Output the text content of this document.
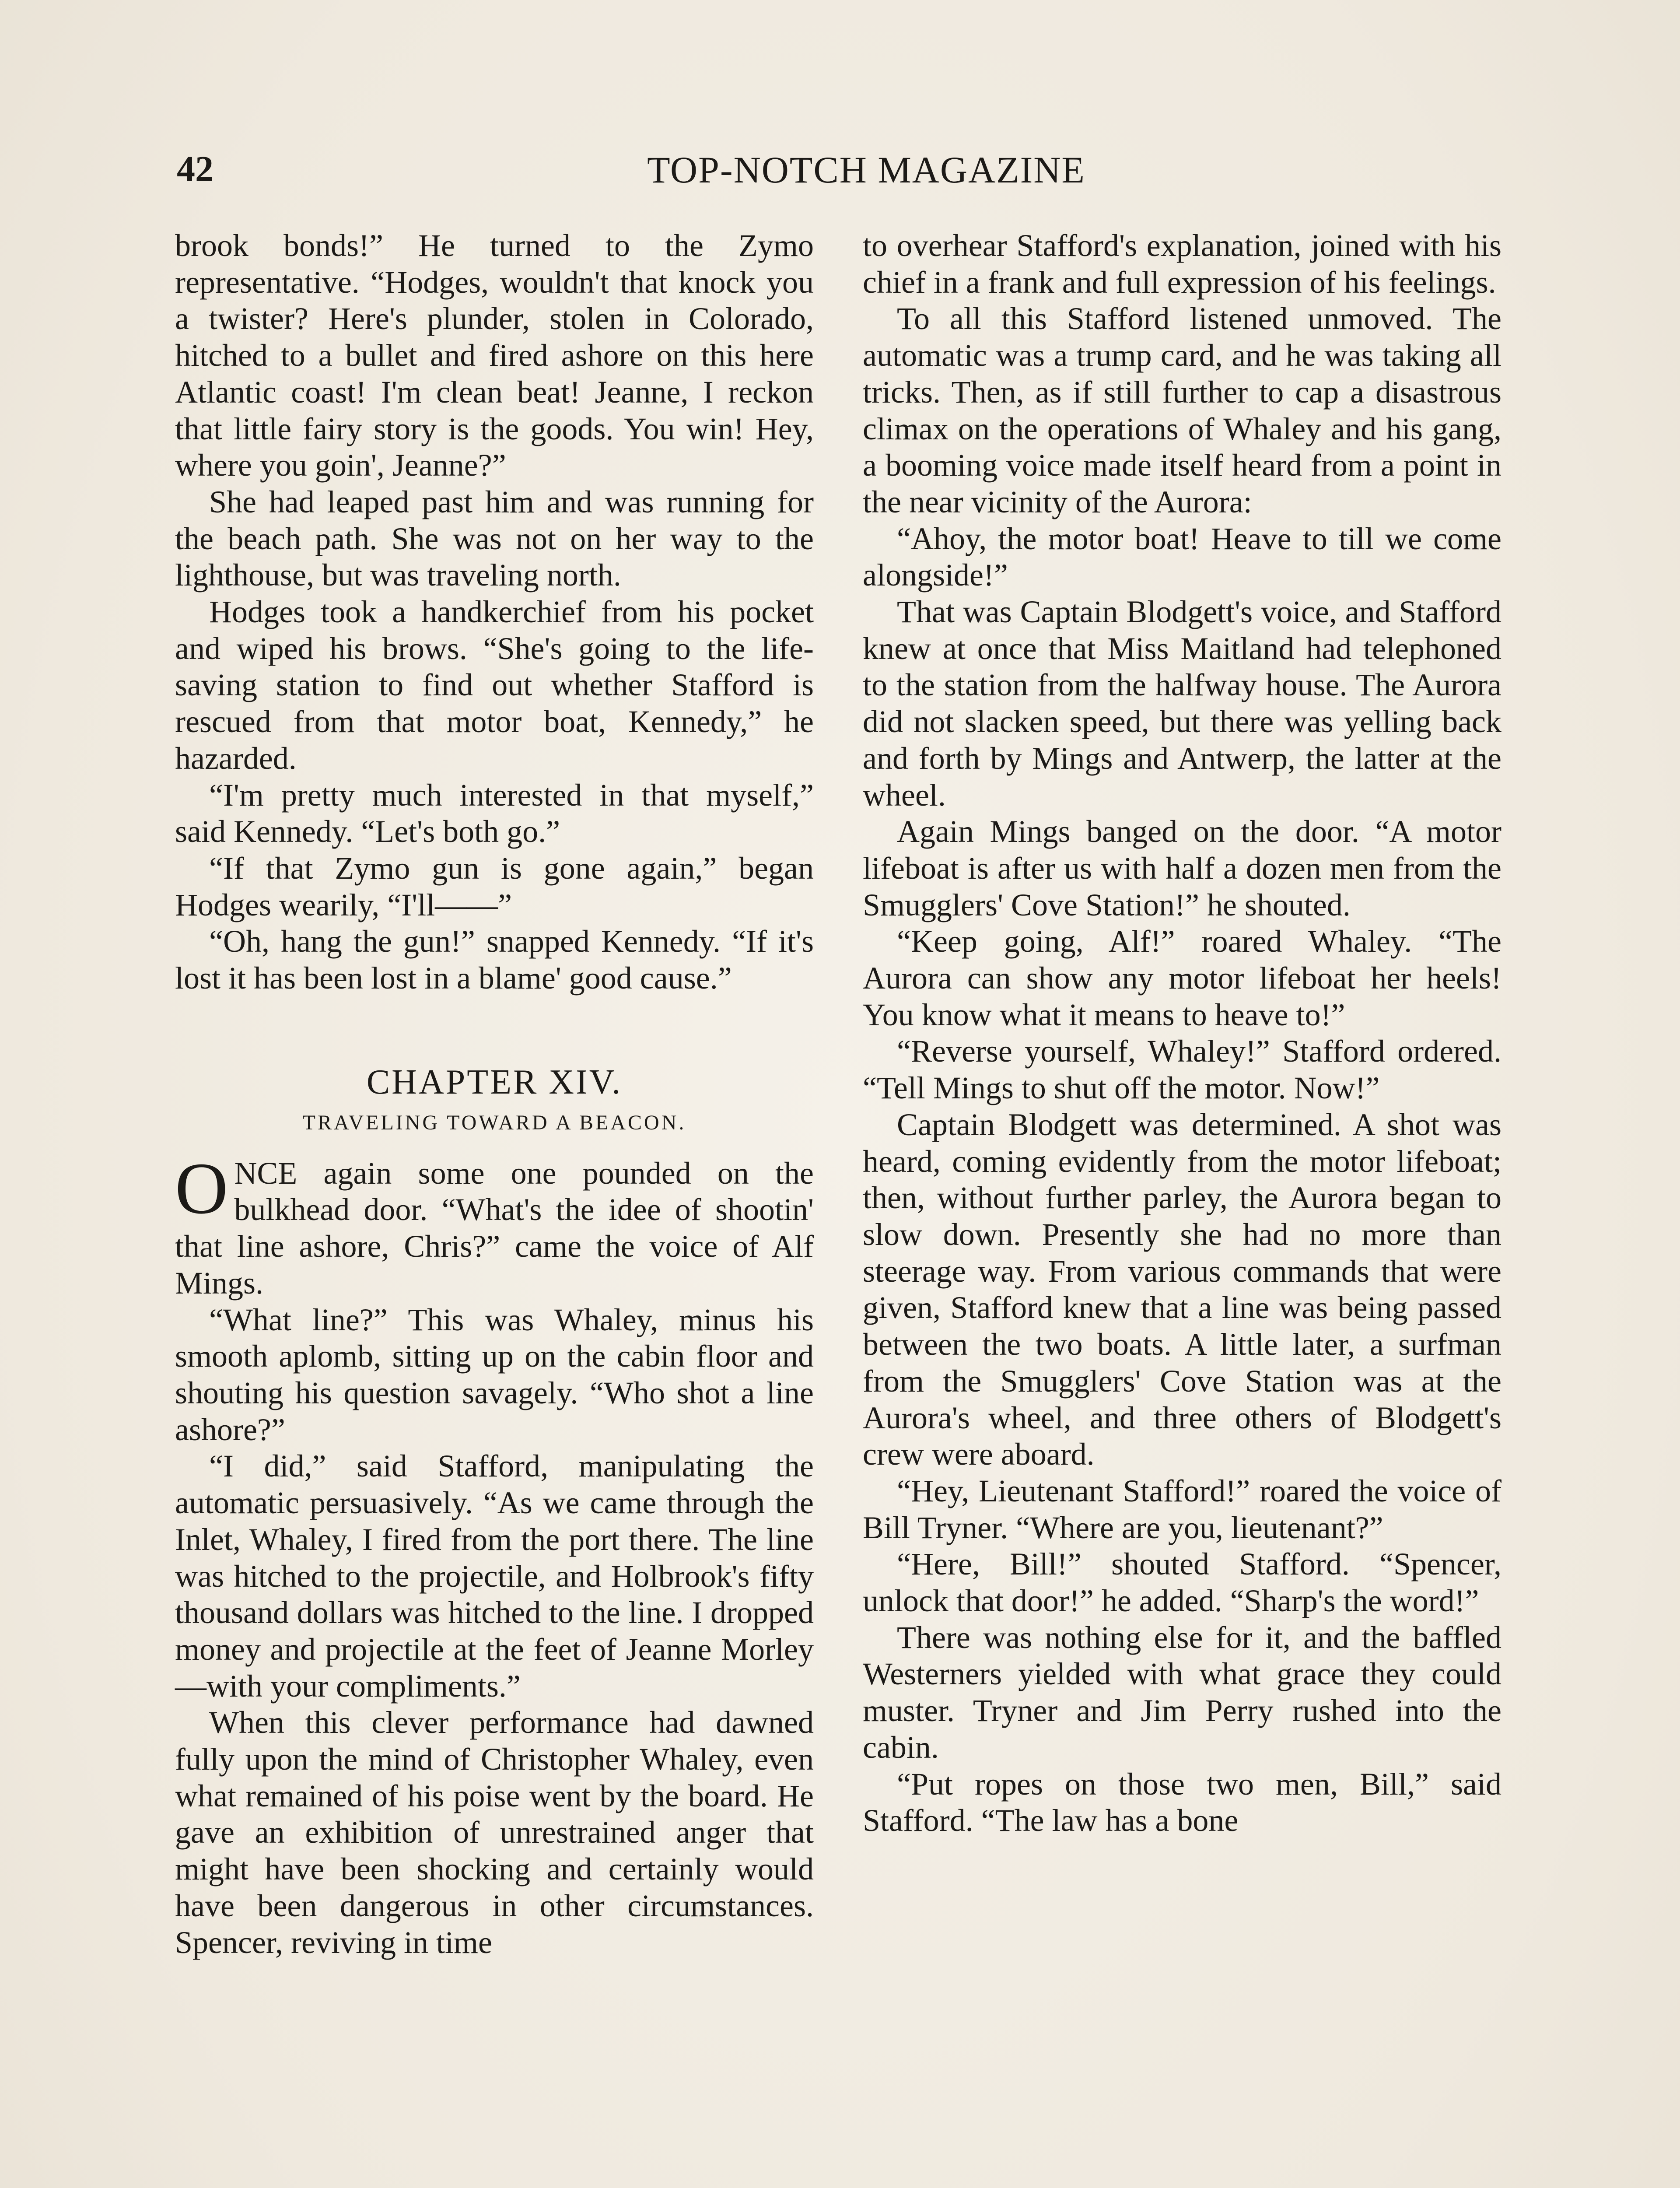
42	TOP-NOTCH MAGAZINE

brook bonds!” He turned to the Zymo representative. “Hodges, wouldn't that knock you a twister? Here's plunder, stolen in Colorado, hitched to a bullet and fired ashore on this here Atlantic coast! I'm clean beat! Jeanne, I reckon that little fairy story is the goods. You win! Hey, where you goin', Jeanne?”

She had leaped past him and was running for the beach path. She was not on her way to the lighthouse, but was traveling north.

Hodges took a handkerchief from his pocket and wiped his brows. “She's going to the life-saving station to find out whether Stafford is rescued from that motor boat, Kennedy,” he hazarded.

“I'm pretty much interested in that myself,” said Kennedy. “Let's both go.”

“If that Zymo gun is gone again,” began Hodges wearily, “I'll——”

“Oh, hang the gun!” snapped Kennedy. “If it's lost it has been lost in a blame' good cause.”

CHAPTER XIV.
TRAVELING TOWARD A BEACON.

ONCE again some one pounded on the bulkhead door. “What's the idee of shootin' that line ashore, Chris?” came the voice of Alf Mings.

“What line?” This was Whaley, minus his smooth aplomb, sitting up on the cabin floor and shouting his question savagely. “Who shot a line ashore?”

“I did,” said Stafford, manipulating the automatic persuasively. “As we came through the Inlet, Whaley, I fired from the port there. The line was hitched to the projectile, and Holbrook's fifty thousand dollars was hitched to the line. I dropped money and projectile at the feet of Jeanne Morley—with your compliments.”

When this clever performance had dawned fully upon the mind of Christopher Whaley, even what remained of his poise went by the board. He gave an exhibition of unrestrained anger that might have been shocking and certainly would have been dangerous in other circumstances. Spencer, reviving in time

to overhear Stafford's explanation, joined with his chief in a frank and full expression of his feelings.

To all this Stafford listened unmoved. The automatic was a trump card, and he was taking all tricks. Then, as if still further to cap a disastrous climax on the operations of Whaley and his gang, a booming voice made itself heard from a point in the near vicinity of the Aurora:

“Ahoy, the motor boat! Heave to till we come alongside!”

That was Captain Blodgett's voice, and Stafford knew at once that Miss Maitland had telephoned to the station from the halfway house. The Aurora did not slacken speed, but there was yelling back and forth by Mings and Antwerp, the latter at the wheel.

Again Mings banged on the door. “A motor lifeboat is after us with half a dozen men from the Smugglers' Cove Station!” he shouted.

“Keep going, Alf!” roared Whaley. “The Aurora can show any motor lifeboat her heels! You know what it means to heave to!”

“Reverse yourself, Whaley!” Stafford ordered. “Tell Mings to shut off the motor. Now!”

Captain Blodgett was determined. A shot was heard, coming evidently from the motor lifeboat; then, without further parley, the Aurora began to slow down. Presently she had no more than steerage way. From various commands that were given, Stafford knew that a line was being passed between the two boats. A little later, a surfman from the Smugglers' Cove Station was at the Aurora's wheel, and three others of Blodgett's crew were aboard.

“Hey, Lieutenant Stafford!” roared the voice of Bill Tryner. “Where are you, lieutenant?”

“Here, Bill!” shouted Stafford. “Spencer, unlock that door!” he added. “Sharp's the word!”

There was nothing else for it, and the baffled Westerners yielded with what grace they could muster. Tryner and Jim Perry rushed into the cabin.

“Put ropes on those two men, Bill,” said Stafford. “The law has a bone
